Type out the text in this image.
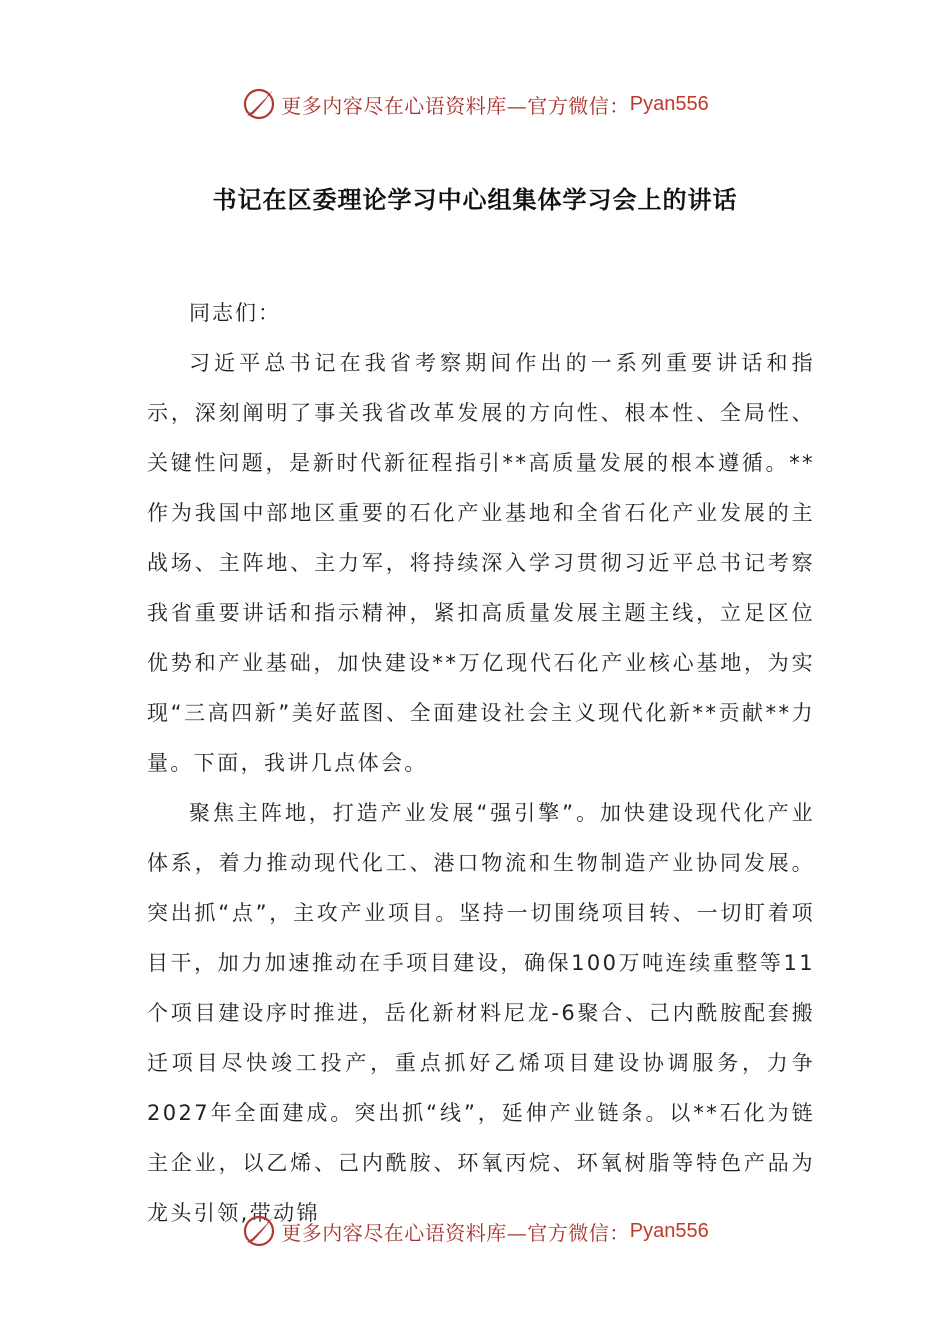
更多内容尽在心语资料库—官方微信： Pyan556
书记在区委理论学习中心组集体学习会上的讲话

同志们：

习近平总书记在我省考察期间作出的一系列重要讲话和指示，深刻阐明了事关我省改革发展的方向性、根本性、全局性、关键性问题，是新时代新征程指引**高质量发展的根本遵循。**作为我国中部地区重要的石化产业基地和全省石化产业发展的主战场、主阵地、主力军，将持续深入学习贯彻习近平总书记考察我省重要讲话和指示精神，紧扣高质量发展主题主线，立足区位优势和产业基础，加快建设**万亿现代石化产业核心基地，为实现“三高四新”美好蓝图、全面建设社会主义现代化新**贡献**力量。下面，我讲几点体会。

聚焦主阵地，打造产业发展“强引擎”。加快建设现代化产业体系，着力推动现代化工、港口物流和生物制造产业协同发展。突出抓“点”，主攻产业项目。坚持一切围绕项目转、一切盯着项目干，加力加速推动在手项目建设，确保100万吨连续重整等11个项目建设序时推进，岳化新材料尼龙-6聚合、己内酰胺配套搬迁项目尽快竣工投产，重点抓好乙烯项目建设协调服务，力争2027年全面建成。突出抓“线”，延伸产业链条。以**石化为链主企业，以乙烯、己内酰胺、环氧丙烷、环氧树脂等特色产品为龙头引领,带动锦

更多内容尽在心语资料库—官方微信： Pyan556
